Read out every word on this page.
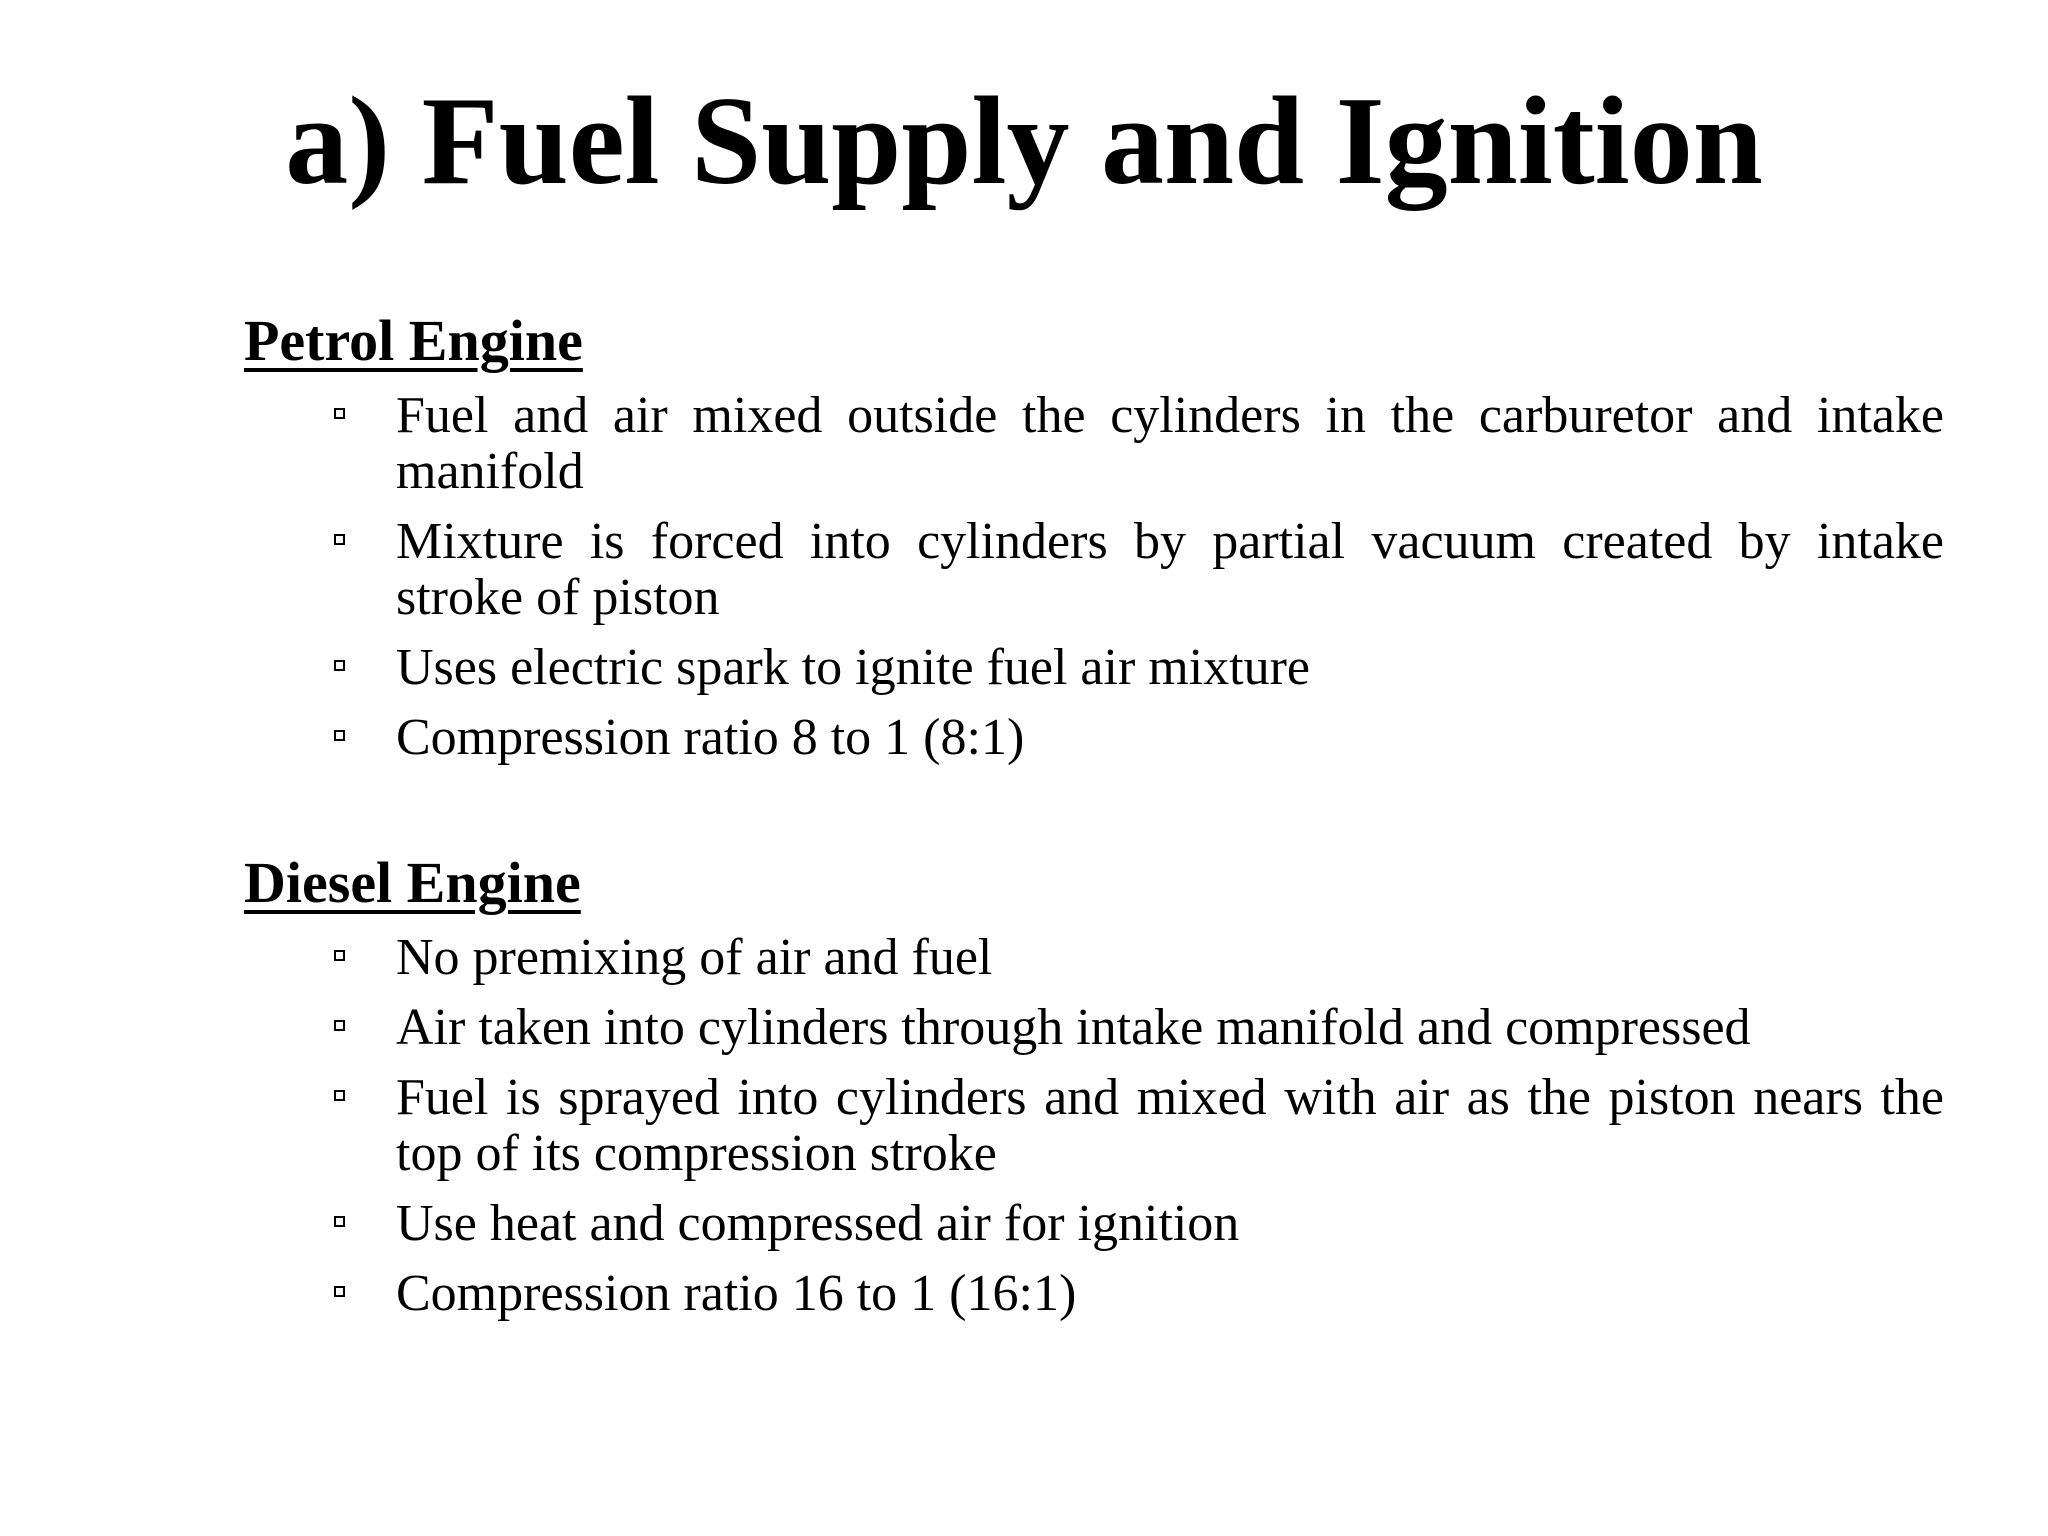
a) Fuel Supply and Ignition
Petrol Engine
Fuel and air mixed outside the cylinders in the carburetor and intake manifold
Mixture is forced into cylinders by partial vacuum created by intake stroke of piston
Uses electric spark to ignite fuel air mixture
Compression ratio 8 to 1 (8:1)
Diesel Engine
No premixing of air and fuel
Air taken into cylinders through intake manifold and compressed
Fuel is sprayed into cylinders and mixed with air as the piston nears the top of its compression stroke
Use heat and compressed air for ignition
Compression ratio 16 to 1 (16:1)
